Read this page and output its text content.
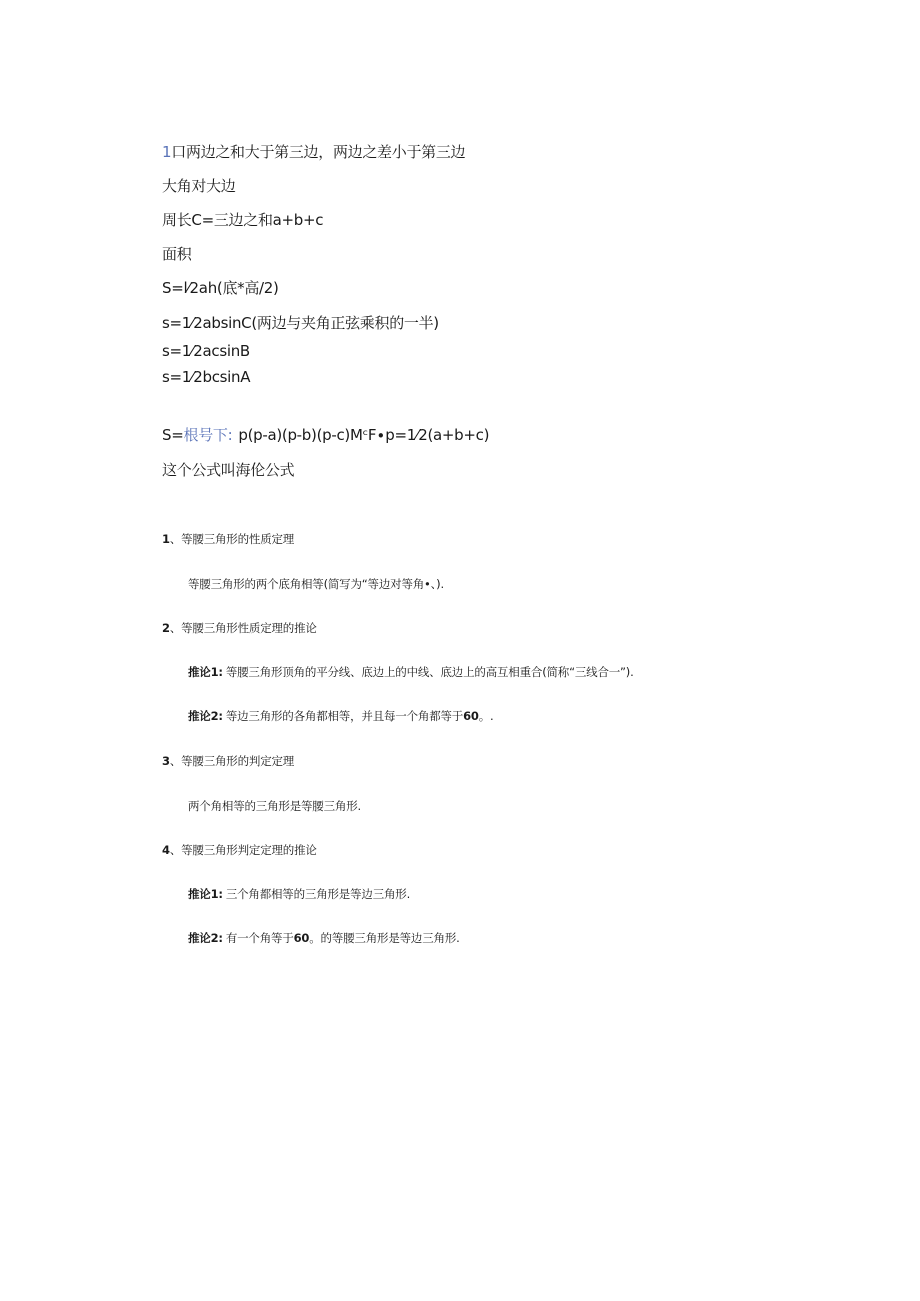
1口两边之和大于第三边，两边之差小于第三边
大角对大边
周长C=三边之和a+b+c
面积
S=l⁄2ah(底*高/2)
s=1⁄2absinC(两边与夹角正弦乘积的一半)
s=1⁄2acsinB
s=1⁄2bcsinA
S=根号下: p(p-a)(p-b)(p-c)MᶜF∙p=1⁄2(a+b+c)
这个公式叫海伦公式
1、等腰三角形的性质定理
等腰三角形的两个底角相等(简写为“等边对等角•、).
2、等腰三角形性质定理的推论
推论1: 等腰三角形顶角的平分线、底边上的中线、底边上的高互相重合(简称“三线合一”).
推论2: 等边三角形的各角都相等，并且每一个角都等于60。.
3、等腰三角形的判定定理
两个角相等的三角形是等腰三角形.
4、等腰三角形判定定理的推论
推论1: 三个角都相等的三角形是等边三角形.
推论2: 有一个角等于60。的等腰三角形是等边三角形.
